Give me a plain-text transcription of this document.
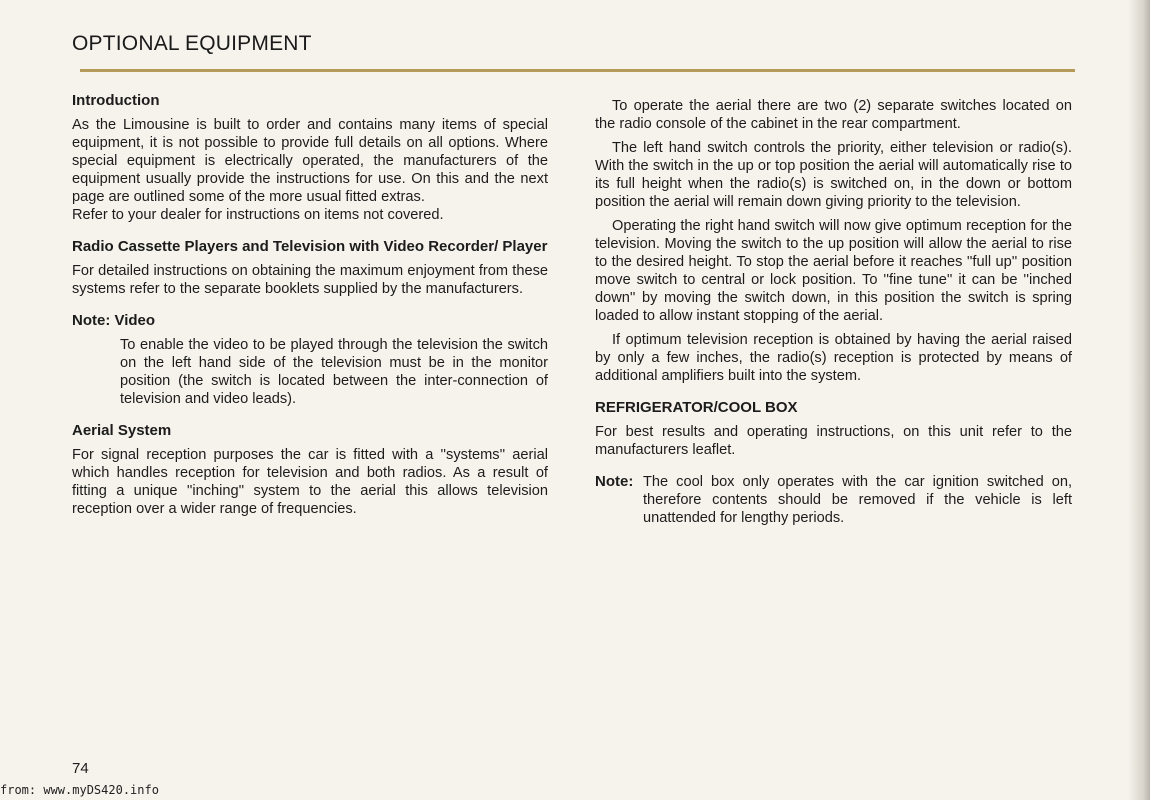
OPTIONAL EQUIPMENT
Introduction

As the Limousine is built to order and contains many items of special equipment, it is not possible to provide full details on all options. Where special equipment is electrically operated, the manufacturers of the equipment usually provide the instructions for use. On this and the next page are outlined some of the more usual fitted extras.

Refer to your dealer for instructions on items not covered.

Radio Cassette Players and Television with Video Recorder/ Player

For detailed instructions on obtaining the maximum enjoyment from these systems refer to the separate booklets supplied by the manufacturers.

Note: Video

To enable the video to be played through the television the switch on the left hand side of the television must be in the monitor position (the switch is located between the inter-connection of television and video leads).

Aerial System

For signal reception purposes the car is fitted with a ''systems'' aerial which handles reception for television and both radios. As a result of fitting a unique ''inching'' system to the aerial this allows television reception over a wider range of frequencies.

To operate the aerial there are two (2) separate switches located on the radio console of the cabinet in the rear compartment.

The left hand switch controls the priority, either television or radio(s). With the switch in the up or top position the aerial will automatically rise to its full height when the radio(s) is switched on, in the down or bottom position the aerial will remain down giving priority to the television.

Operating the right hand switch will now give optimum reception for the television. Moving the switch to the up position will allow the aerial to rise to the desired height. To stop the aerial before it reaches ''full up'' position move switch to central or lock position. To ''fine tune'' it can be ''inched down'' by moving the switch down, in this position the switch is spring loaded to allow instant stopping of the aerial.

If optimum television reception is obtained by having the aerial raised by only a few inches, the radio(s) reception is protected by means of additional amplifiers built into the system.

REFRIGERATOR/COOL BOX

For best results and operating instructions, on this unit refer to the manufacturers leaflet.

Note: The cool box only operates with the car ignition switched on, therefore contents should be removed if the vehicle is left unattended for lengthy periods.
74
from: www.myDS420.info
